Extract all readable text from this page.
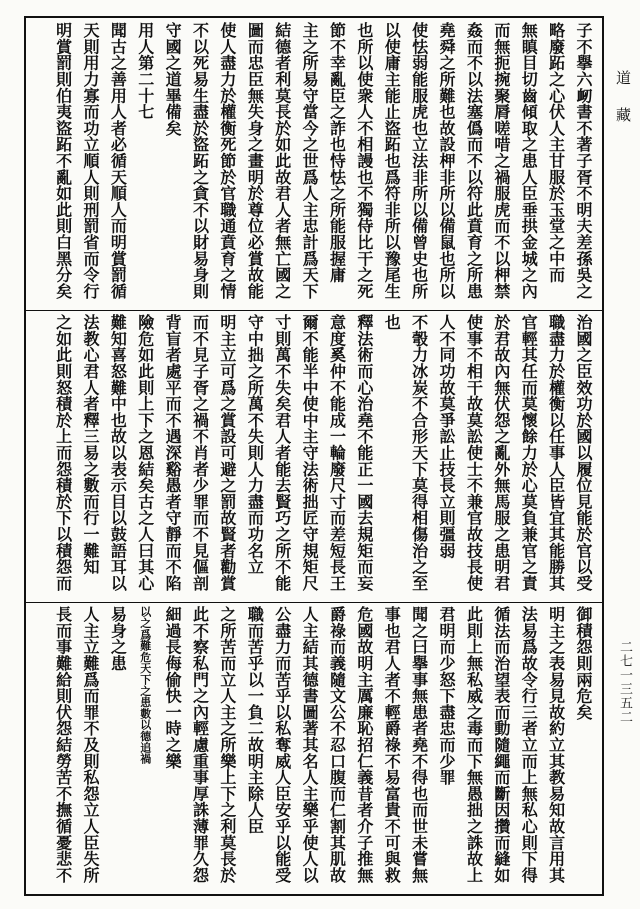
子不擧六衂書不著子胥不明夫差孫吳之
略廢跖之心伏人主甘服於玉堂之中而
無瞋目切齒傾取之患人臣垂拱金城之內
而無扼捥聚脣嗟唶之禍服虎而不以柙禁
姦而不以法塞僞而不以符此賁育之所患
堯舜之所難也故設柙非所以備鼠也所以
使怯弱能服虎也立法非所以備曾史也所
以使庸主能止盜跖也爲符非所以豫尾生
也所以使衆人不相謾也不獨侍比干之死
節不幸亂臣之詐也恃怯之所能服握庸
主之所易守當今之世爲人主忠計爲天下
結德者利莫長於如此故君人者無亡國之
圖而忠臣無失身之畫明於尊位必賞故能
使人盡力於權衡死節於官職通賁育之情
不以死易生盡於盜跖之貪不以財易身則
守國之道畢備矣
用人第二十七
聞古之善用人者必循天順人而明賞罰循
天則用力寡而功立順人則刑罰省而令行
明賞罰則伯夷盜跖不亂如此則白黑分矣
治國之臣效功於國以履位見能於官以受
職盡力於權衡以任事人臣皆宜其能勝其
官輕其任而莫懷餘力於心莫負兼官之責
於君故內無伏怨之亂外無馬服之患明君
使事不相干故莫訟使士不兼官故技長使
人不同功故莫爭訟止技長立則彊弱
不彀力冰炭不合形天下莫得相傷治之至
也
釋法術而心治堯不能正一國去規矩而妄
意度奚仲不能成一輪廢尺寸而差短長王
爾不能半中使中主守法術拙匠守規矩尺
寸則萬不失矣君人者能去賢巧之所不能
守中拙之所萬不失則人力盡而功名立
明主立可爲之賞設可避之罰故賢者勸賞
而不見子胥之禍不肖者少罪而不見傴剖
背盲者處平而不遇深谿愚者守靜而不陷
險危如此則上下之恩結矣古之人曰其心
難知喜怒難中也故以表示目以鼓語耳以
法教心君人者釋三易之數而行一難知
之如此則怒積於上而怨積於下以積怨而
御積怨則兩危矣
明主之表易見故約立其教易知故言用其
法易爲故令行三者立而上無私心則下得
循法而治望表而動隨繩而斷因攢而縫如
此則上無私威之毒而下無愚拙之誅故上
君明而少怒下盡忠而少罪
聞之曰擧事無患者堯不得也而世未嘗無
事也君人者不輕爵祿不易富貴不可與救
危國故明主厲廉恥招仁義昔者介子推無
爵祿而義隨文公不忍口腹而仁割其肌故
人主結其德書圖著其名人主樂乎使人以
公盡力而苦乎以私奪威人臣安乎以能受
職而苦乎以一負二故明主除人臣
之所苦而立人主之所樂上下之利莫長於
此不察私門之內輕慮重事厚誅薄罪久怨
細過長侮偷快一時之樂
以之爲難危天下之患數以德追禍
易身之患
人主立難爲而罪不及則私怨立人臣失所
長而事難給則伏怨結勞苦不撫循憂悲不
道藏
二七一三五二
